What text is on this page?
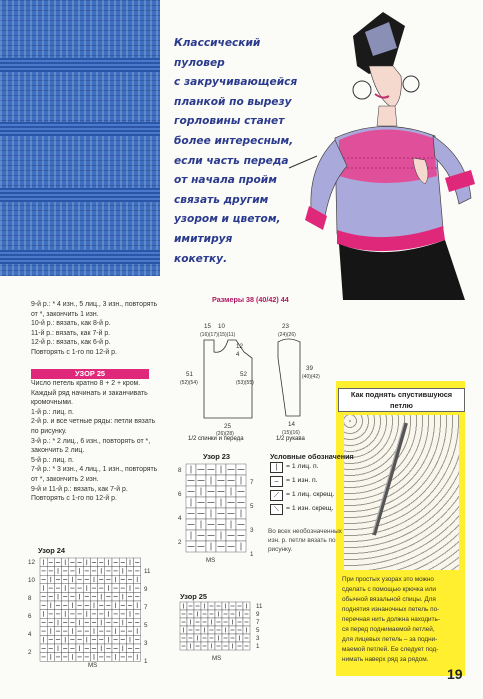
Классический
пуловер
с закручивающейся
планкой по вырезу
горловины станет
более интересным,
если часть переда
от начала пройм
связать другим
узором и цветом,
имитируя
кокетку.
9-й р.: * 4 изн., 5 лиц., 3 изн., повторять
от *, закончить 1 изн.
10-й р.: вязать, как 8-й р.
11-й р.: вязать, как 7-й р.
12-й р.: вязать, как 6-й р.
Повторять с 1-го по 12-й р.
УЗОР 25
Число петель кратно 8 + 2 + кром.
Каждый ряд начинать и заканчивать
кромочными.
1-й р.: лиц. п.
2-й р. и все четные ряды: петли вязать
по рисунку.
3-й р.: * 2 лиц., 6 изн., повторять от *,
закончить 2 лиц.
5-й р.: лиц. п.
7-й р.: * 3 изн., 4 лиц., 1 изн., повторять
от *, закончить 2 изн.
9-й и 11-й р.: вязать, как 7-й р.
Повторять с 1-го по 12-й р.
Размеры 38 (40/42) 44
15 10
(16)(17)(15)(11)
12
4
51
(52)(54)
52
(53)(55)
25
(26)(28)
1/2 спинки и переда
23
(24)(26)
39
(40)(42)
14
(15)(16)
1/2 рукава
Как поднять спустившуюся петлю
При простых узорах это можно
сделать с помощью крючка или
обычной вязальной спицы. Для
поднятия изнаночных петель по-
перечная нить должна находить-
ся перед поднимаемой петлей,
для лицевых петель – за подни-
маемой петлей. Ее следует под-
нимать наверх ряд за рядом.
Условные обозначения
|	= 1 лиц. п.
–	= 1 изн. п.
⟋	= 1 лиц. скрещ.
⟍	= 1 изн. скрещ.
Во всех необозначенных
изн. р. петли вязать по
рисунку.
Узор 23
8
6
4
2
7
5
3
1
MS
Узор 24
12
10
8
6
4
2
11
9
7
5
3
1
MS
Узор 25
11
9
7
5
3
1
MS
19
